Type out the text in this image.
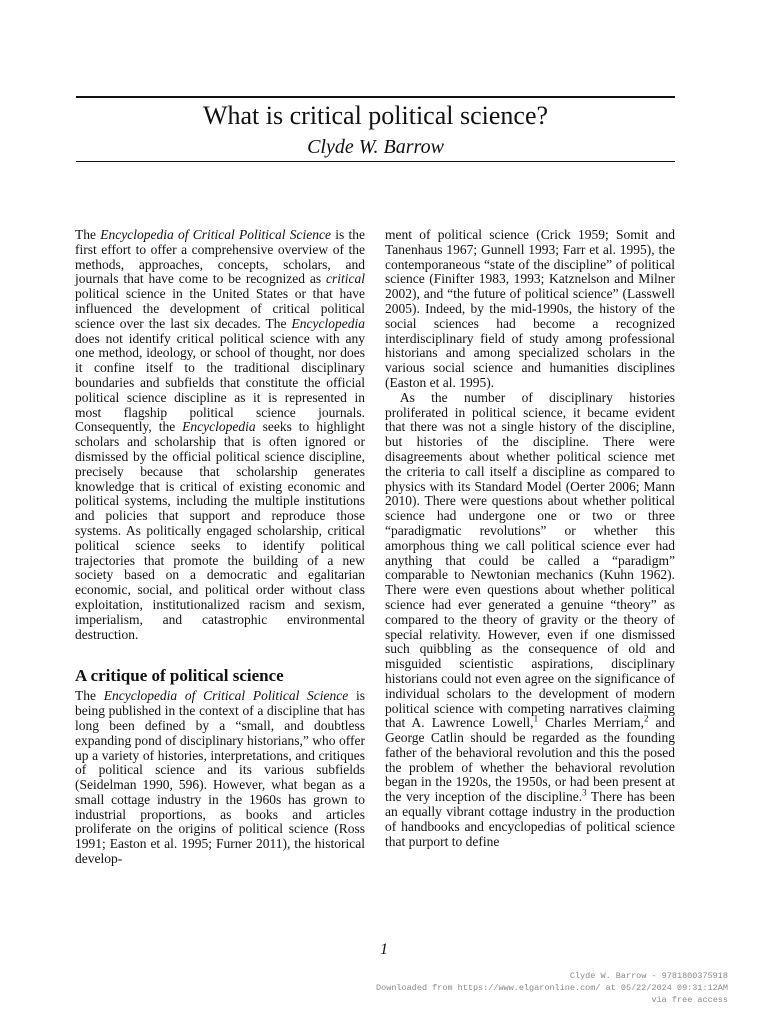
What is critical political science?
Clyde W. Barrow

The Encyclopedia of Critical Political Science is the first effort to offer a comprehensive overview of the methods, approaches, concepts, scholars, and journals that have come to be recognized as critical political science in the United States or that have influenced the development of critical political science over the last six decades. The Encyclopedia does not identify critical political science with any one method, ideology, or school of thought, nor does it confine itself to the traditional disciplinary boundaries and subfields that constitute the official political science discipline as it is represented in most flagship political science journals. Consequently, the Encyclopedia seeks to highlight scholars and scholarship that is often ignored or dismissed by the official political science discipline, precisely because that scholarship generates knowledge that is critical of existing economic and political systems, including the multiple institutions and policies that support and reproduce those systems. As politically engaged scholarship, critical political science seeks to identify political trajectories that promote the building of a new society based on a democratic and egalitarian economic, social, and political order without class exploitation, institutionalized racism and sexism, imperialism, and catastrophic environmental destruction.

A critique of political science

The Encyclopedia of Critical Political Science is being published in the context of a discipline that has long been defined by a “small, and doubtless expanding pond of disciplinary historians,” who offer up a variety of histories, interpretations, and critiques of political science and its various subfields (Seidelman 1990, 596). However, what began as a small cottage industry in the 1960s has grown to industrial proportions, as books and articles proliferate on the origins of political science (Ross 1991; Easton et al. 1995; Furner 2011), the historical develop-

ment of political science (Crick 1959; Somit and Tanenhaus 1967; Gunnell 1993; Farr et al. 1995), the contemporaneous “state of the discipline” of political science (Finifter 1983, 1993; Katznelson and Milner 2002), and “the future of political science” (Lasswell 2005). Indeed, by the mid-1990s, the history of the social sciences had become a recognized interdisciplinary field of study among professional historians and among specialized scholars in the various social science and humanities disciplines (Easton et al. 1995).

As the number of disciplinary histories proliferated in political science, it became evident that there was not a single history of the discipline, but histories of the discipline. There were disagreements about whether political science met the criteria to call itself a discipline as compared to physics with its Standard Model (Oerter 2006; Mann 2010). There were questions about whether political science had undergone one or two or three “paradigmatic revolutions” or whether this amorphous thing we call political science ever had anything that could be called a “paradigm” comparable to Newtonian mechanics (Kuhn 1962). There were even questions about whether political science had ever generated a genuine “theory” as compared to the theory of gravity or the theory of special relativity. However, even if one dismissed such quibbling as the consequence of old and misguided scientistic aspirations, disciplinary historians could not even agree on the significance of individual scholars to the development of modern political science with competing narratives claiming that A. Lawrence Lowell,$^1$ Charles Merriam,$^2$ and George Catlin should be regarded as the founding father of the behavioral revolution and this the posed the problem of whether the behavioral revolution began in the 1920s, the 1950s, or had been present at the very inception of the discipline.$^3$ There has been an equally vibrant cottage industry in the production of handbooks and encyclopedias of political science that purport to define

1
Clyde W. Barrow - 9781800375918
Downloaded from https://www.elgaronline.com/ at 05/22/2024 09:31:12AM
via free access
